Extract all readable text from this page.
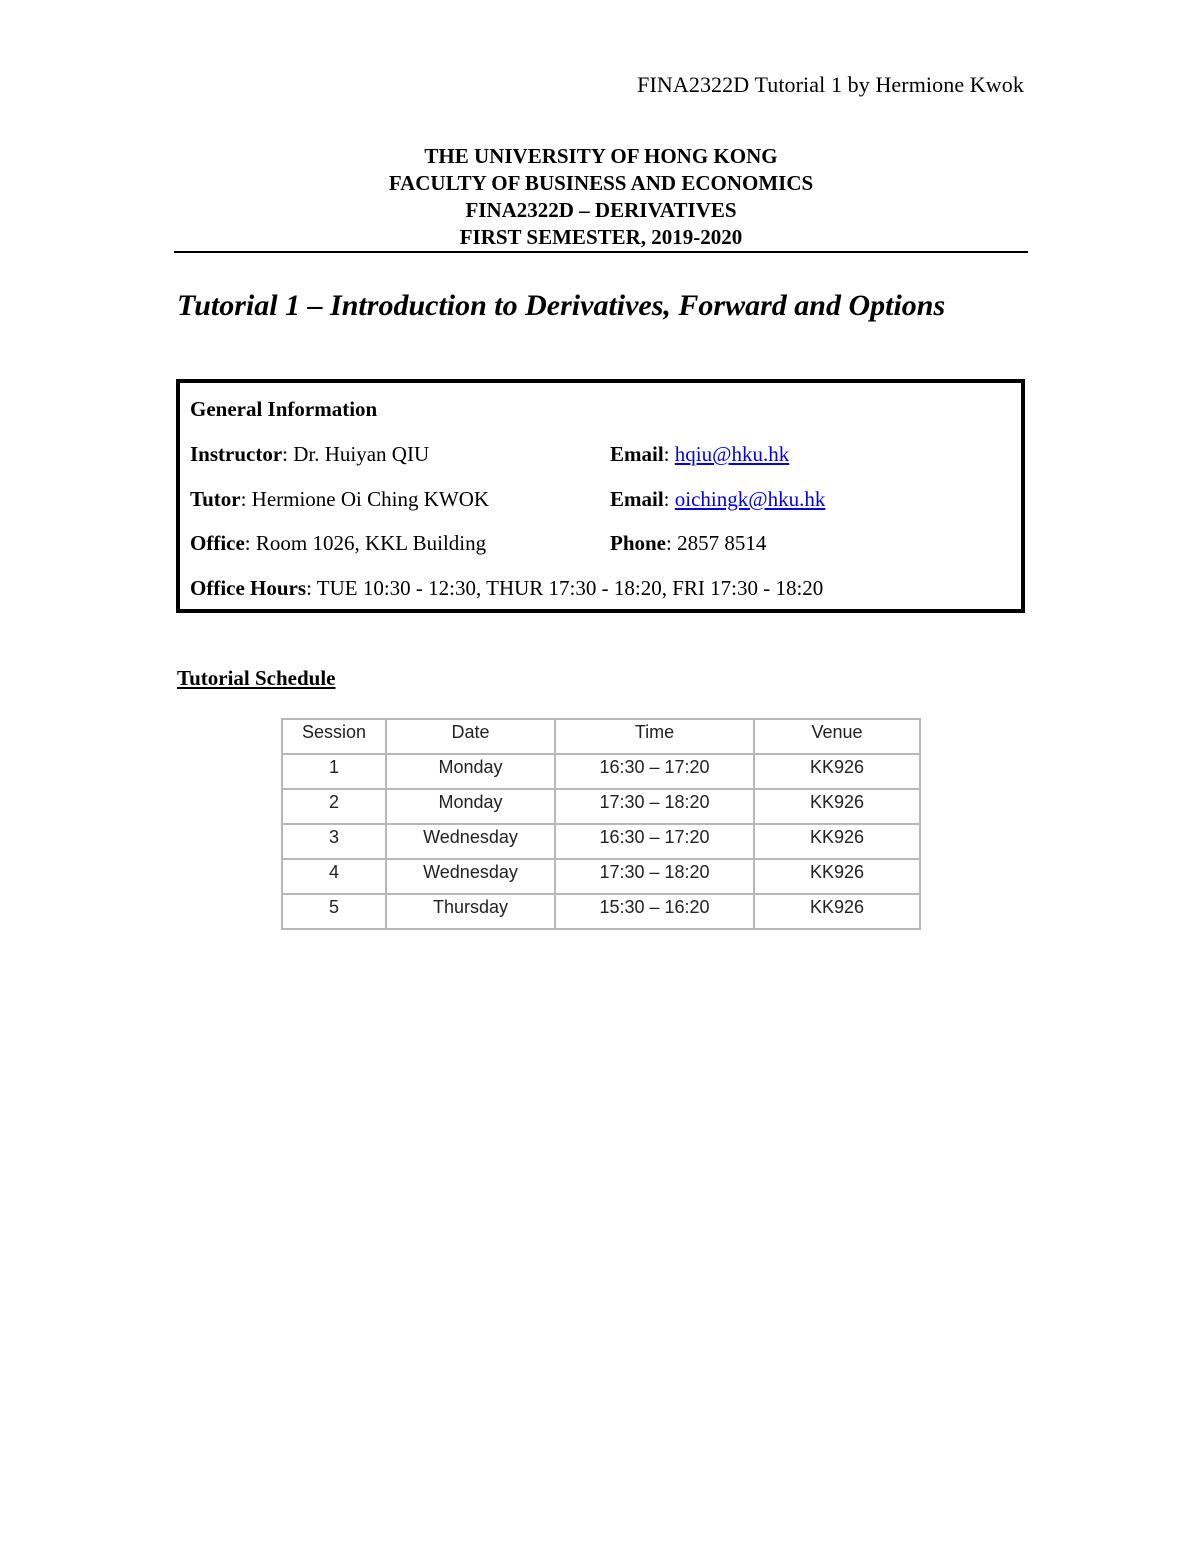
FINA2322D Tutorial 1 by Hermione Kwok
THE UNIVERSITY OF HONG KONG
FACULTY OF BUSINESS AND ECONOMICS
FINA2322D – DERIVATIVES
FIRST SEMESTER, 2019-2020
Tutorial 1 – Introduction to Derivatives, Forward and Options
General Information
Instructor: Dr. Huiyan QIU	Email: hqiu@hku.hk
Tutor: Hermione Oi Ching KWOK	Email: oichingk@hku.hk
Office: Room 1026, KKL Building	Phone: 2857 8514
Office Hours: TUE 10:30 - 12:30, THUR 17:30 - 18:20, FRI 17:30 - 18:20
Tutorial Schedule
Session	Date	Time	Venue
1	Monday	16:30 – 17:20	KK926
2	Monday	17:30 – 18:20	KK926
3	Wednesday	16:30 – 17:20	KK926
4	Wednesday	17:30 – 18:20	KK926
5	Thursday	15:30 – 16:20	KK926
